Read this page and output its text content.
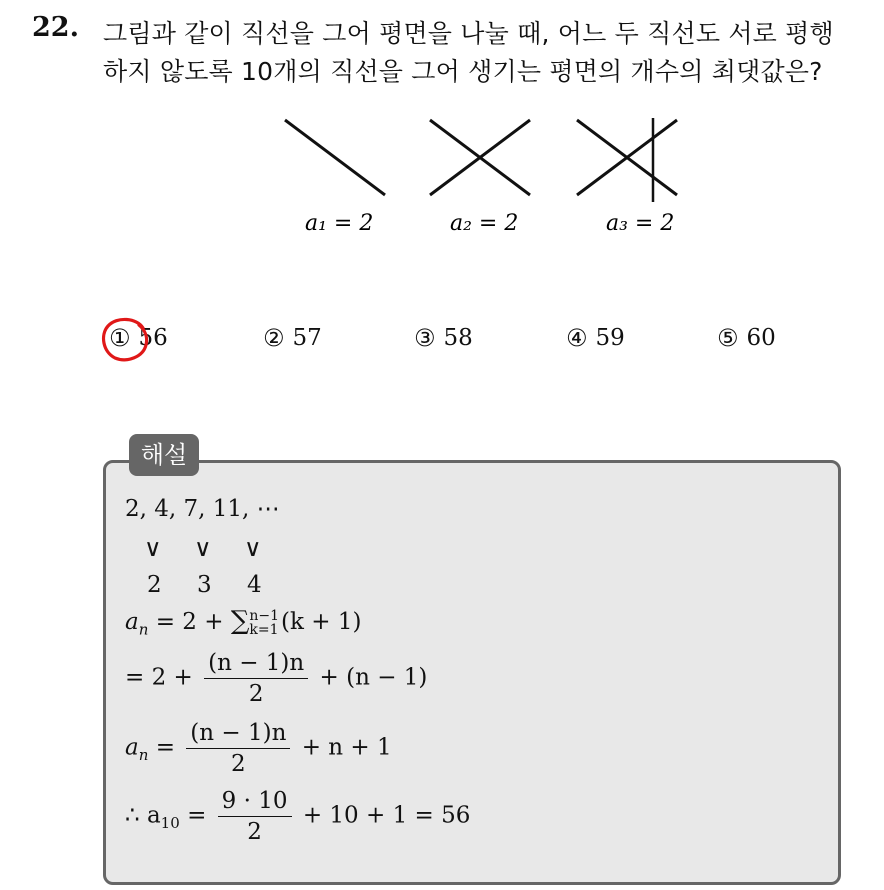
22. 그림과 같이 직선을 그어 평면을 나눌 때, 어느 두 직선도 서로 평행
하지 않도록 10개의 직선을 그어 생기는 평면의 개수의 최댓값은?
a₁ = 2	a₂ = 2	a₃ = 2
① 56	② 57	③ 58	④ 59	⑤ 60
해설
2, 4, 7, 11, ⋯
∨ ∨ ∨
2 3 4
$a_n = 2$ + ∑ n−1
k=1 (k + 1)
= $2 + \frac{(n - 1)n}{2} + (n - 1)$
$a_n = \frac{(n - 1)n}{2} + n + 1$
∴ $a_{10} = \frac{9 \cdot 10}{2} + 10 + 1 = 56$
